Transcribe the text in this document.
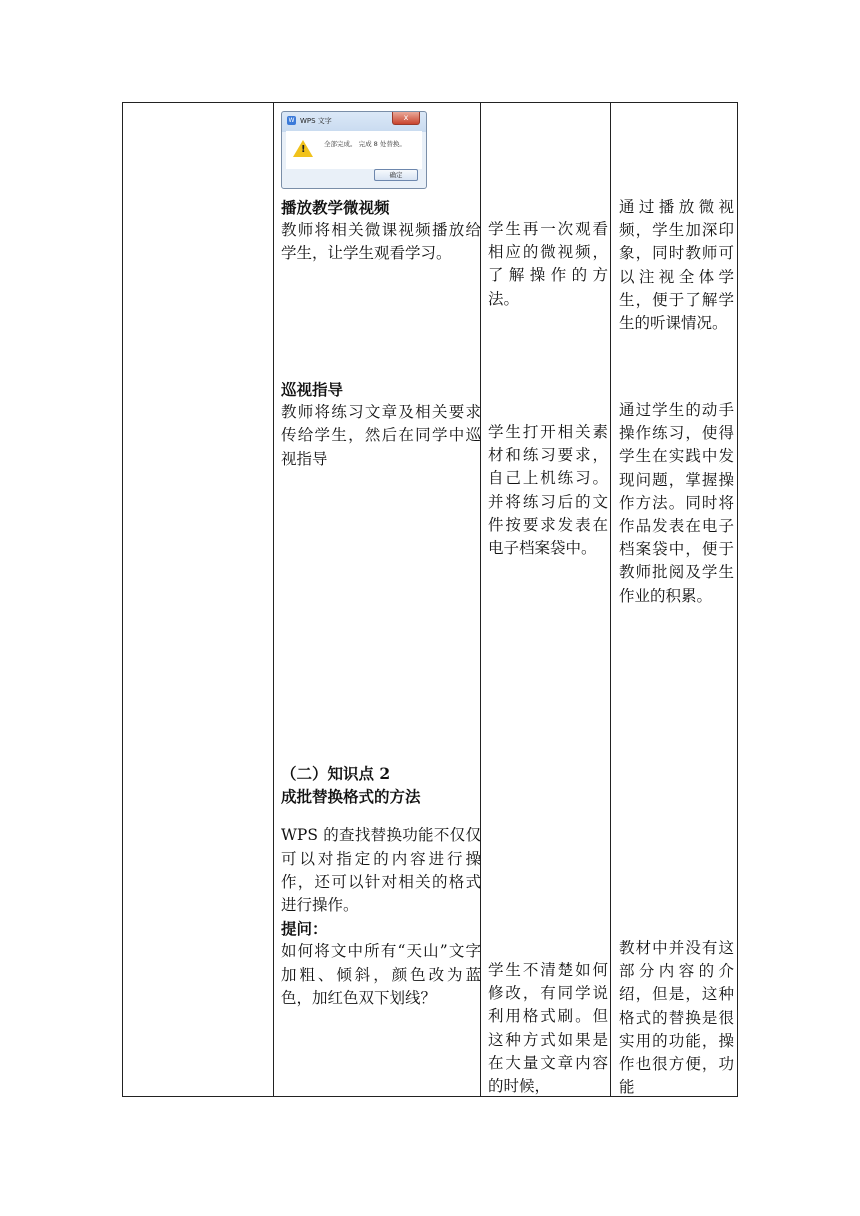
W WPS 文字	x
!	全部完成。 完成 8 处替换。
确定

播放教学微视频

教师将相关微课视频播放给学生，让学生观看学习。

巡视指导

教师将练习文章及相关要求传给学生，然后在同学中巡视指导

（二）知识点 2

成批替换格式的方法

WPS 的查找替换功能不仅仅可以对指定的内容进行操作，还可以针对相关的格式进行操作。

提问：

如何将文中所有“天山”文字加粗、倾斜，颜色改为蓝色，加红色双下划线？

学生再一次观看相应的微视频，了解操作的方法。
学生打开相关素材和练习要求，自己上机练习。并将练习后的文件按要求发表在电子档案袋中。
学生不清楚如何修改，有同学说利用格式刷。但这种方式如果是在大量文章内容的时候，
通过播放微视频，学生加深印象，同时教师可以注视全体学生，便于了解学生的听课情况。
通过学生的动手操作练习，使得学生在实践中发现问题，掌握操作方法。同时将作品发表在电子档案袋中，便于教师批阅及学生作业的积累。
教材中并没有这部分内容的介绍，但是，这种格式的替换是很实用的功能，操作也很方便，功能
